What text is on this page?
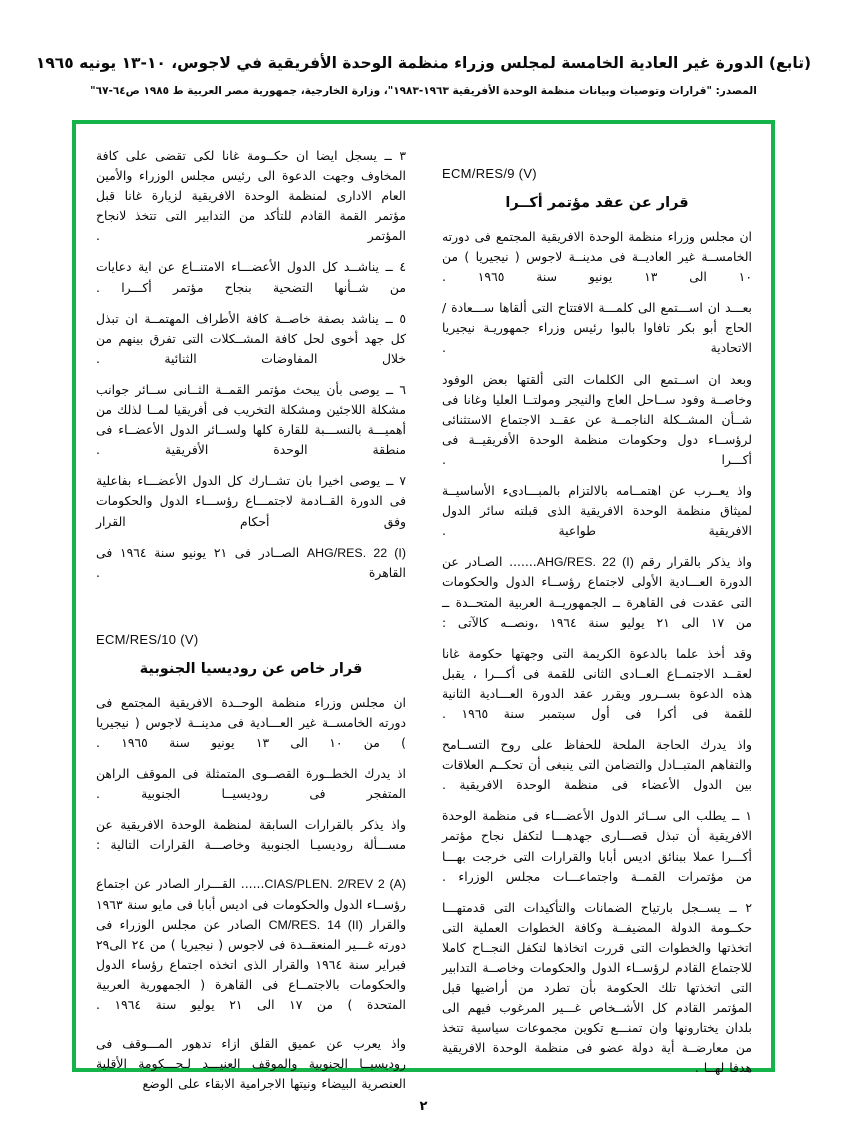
(تابع) الدورة غير العادية الخامسة لمجلس وزراء منظمة الوحدة الأفريقية في لاجوس، ١٠-١٣ يونيه ١٩٦٥
المصدر: "قرارات وتوصيات وبيانات منظمة الوحدة الأفريقية ١٩٦٣-١٩٨٣"، وزارة الخارجية، جمهورية مصر العربية ط ١٩٨٥ ص٦٤-٦٧"
ECM/RES/9 (V)
قرار عن عقد مؤتمر أكــرا

ان مجلس وزراء منظمة الوحدة الافريقية المجتمع فى دورته الخامســة غير العاديــة فى مدينــة لاجوس ( نيجيريا ) من ١٠ الى ١٣ يونيو سنة ١٩٦٥ .

بعـــد ان اســـتمع الى كلمـــة الافتتاح التى ألقاها ســـعادة / الحاج أبو بكر تافاوا بالبوا رئيس وزراء جمهوريـة نيجيريا الاتحادية .

وبعد ان اســتمع الى الكلمات التى ألقتها بعض الوفود وخاصــة وفود ســاحل العاج والنيجر ومولتــا العليا وغانا فى شــأن المشــكلة الناجمــة عن عقــد الاجتماع الاستثنائى لرؤســاء دول وحكومات منظمة الوحدة الأفريقيــة فى أكـــرا .

واذ يعــرب عن اهتمــامه بالالتزام بالمبـــادىء الأساسيــة لميثاق منظمة الوحدة الافريقية الذى قبلته سائر الدول الافريقية طواعية .

واذ يذكر بالقرار رقم AHG/RES. 22 (I)....... الصـادر عن الدورة العـــادية الأولى لاجتماع رؤســاء الدول والحكومات التى عقدت فى القاهرة ــ الجمهوريــة العربية المتحــدة ــ من ١٧ الى ٢١ يوليو سنة ١٩٦٤ ،ونصــه كالآتى :

وقد أخذ علما بالدعوة الكريمة التى وجهتها حكومة غانا لعقــد الاجتمــاع العــادى الثانى للقمة فى أكـــرا ، يقبل هذه الدعوة بســرور ويقرر عقد الدورة العـــادية الثانية للقمة فى أكرا فى أول سبتمبر سنة ١٩٦٥ .

واذ يدرك الحاجة الملحة للحفاظ على روح التســامح والتفاهم المتبــادل والتضامن التى ينبغى أن تحكــم العلاقات بين الدول الأعضاء فى منظمة الوحدة الافريقية .

١ ــ يطلب الى ســائر الدول الأعضـــاء فى منظمة الوحدة الافريقية أن تبذل قصـــارى جهدهـــا لتكفل نجاح مؤتمر أكـــرا عملا ببنائق اديس أبابا والقرارات التى خرجت بهـــا من مؤتمرات القمــة واجتماعـــات مجلس الوزراء .

٢ ــ يســجل بارتياح الضمانات والتأكيدات التى قدمتهـــا حكــومة الدولة المضيفــة وكافة الخطوات العملية التى اتخذتها والخطوات التى قررت اتخاذها لتكفل النجــاح كاملا للاجتماع القادم لرؤســاء الدول والحكومات وخاصــة التدابير التى اتخذتها تلك الحكومة بأن تطرد من أراضيها قبل المؤتمر القادم كل الأشــخاص غـــير المرغوب فيهم الى بلدان يختارونها وان تمنـــع تكوين مجموعات سياسية تتخذ من معارضــة أية دولة عضو فى منظمة الوحدة الافريقية هدفا لهــا .

٣ ــ يسجل ايضا ان حكــومة غانا لكى تقضى على كافة المخاوف وجهت الدعوة الى رئيس مجلس الوزراء والأمين العام الادارى لمنظمة الوحدة الافريقية لزيارة غانا قبل مؤتمر القمة القادم للتأكد من التدابير التى تتخذ لانجاح المؤتمر .

٤ ــ يناشــد كل الدول الأعضـــاء الامتنــاع عن اية دعايات من شــأنها التضحية بنجاح مؤتمر أكـــرا .

٥ ــ يناشد بصفة خاصــة كافة الأطراف المهتمــة ان تبذل كل جهد أخوى لحل كافة المشــكلات التى تفرق بينهم من خلال المفاوضات الثنائية .

٦ ــ يوصى بأن يبحث مؤتمر القمــة الثــانى ســائر جوانب مشكلة اللاجئين ومشكلة التخريب فى أفريقيا لمــا لذلك من أهميـــة بالنســـبة للقارة كلها ولســائر الدول الأعضــاء فى منطقة الوحدة الأفريقية .

٧ ــ يوصى اخيرا بان تشــارك كل الدول الأعضـــاء بفاعلية فى الدورة القــادمة لاجتمـــاع رؤســـاء الدول والحكومات وفق أحكام القرار

AHG/RES. 22 (I) الصــادر فى ٢١ يونيو سنة ١٩٦٤ فى القاهرة .

ECM/RES/10 (V)
قرار خاص عن روديسيا الجنوبية

ان مجلس وزراء منظمة الوحــدة الافريقية المجتمع فى دورته الخامســة غير العـــادية فى مدينــة لاجوس ( نيجيريا ) من ١٠ الى ١٣ يونيو سنة ١٩٦٥ .

اذ يدرك الخطــورة القصــوى المتمثلة فى الموقف الراهن المتفجر فى روديسيــا الجنوبية .

واذ يذكر بالقرارات السابقة لمنظمة الوحدة الافريقية عن مســـألة روديسيـا الجنوبية وخاصـــة القرارات التالية :

CIAS/PLEN. 2/REV 2 (A)...... القـــرار الصادر عن اجتماع رؤســاء الدول والحكومات فى اديس أبابا فى مايو سنة ١٩٦٣ والقرار CM/RES. 14 (II) الصادر عن مجلس الوزراء فى دورته غـــير المنعقــدة فى لاجوس ( نيجيريا ) من ٢٤ الى٢٩ فبراير سنة ١٩٦٤ والقرار الذى اتخذه اجتماع رؤساء الدول والحكومات بالاجتمــاع فى القاهرة ( الجمهورية العربية المتحدة ) من ١٧ الى ٢١ يوليو سنة ١٩٦٤ .

واذ يعرب عن عميق القلق ازاء تدهور المـــوقف فى روديسيــا الجنوبية والموقف العنيـــد لـحـــكومة الأقلية العنصرية البيضاء ونيتها الاجرامية الابقاء على الوضع

٢
